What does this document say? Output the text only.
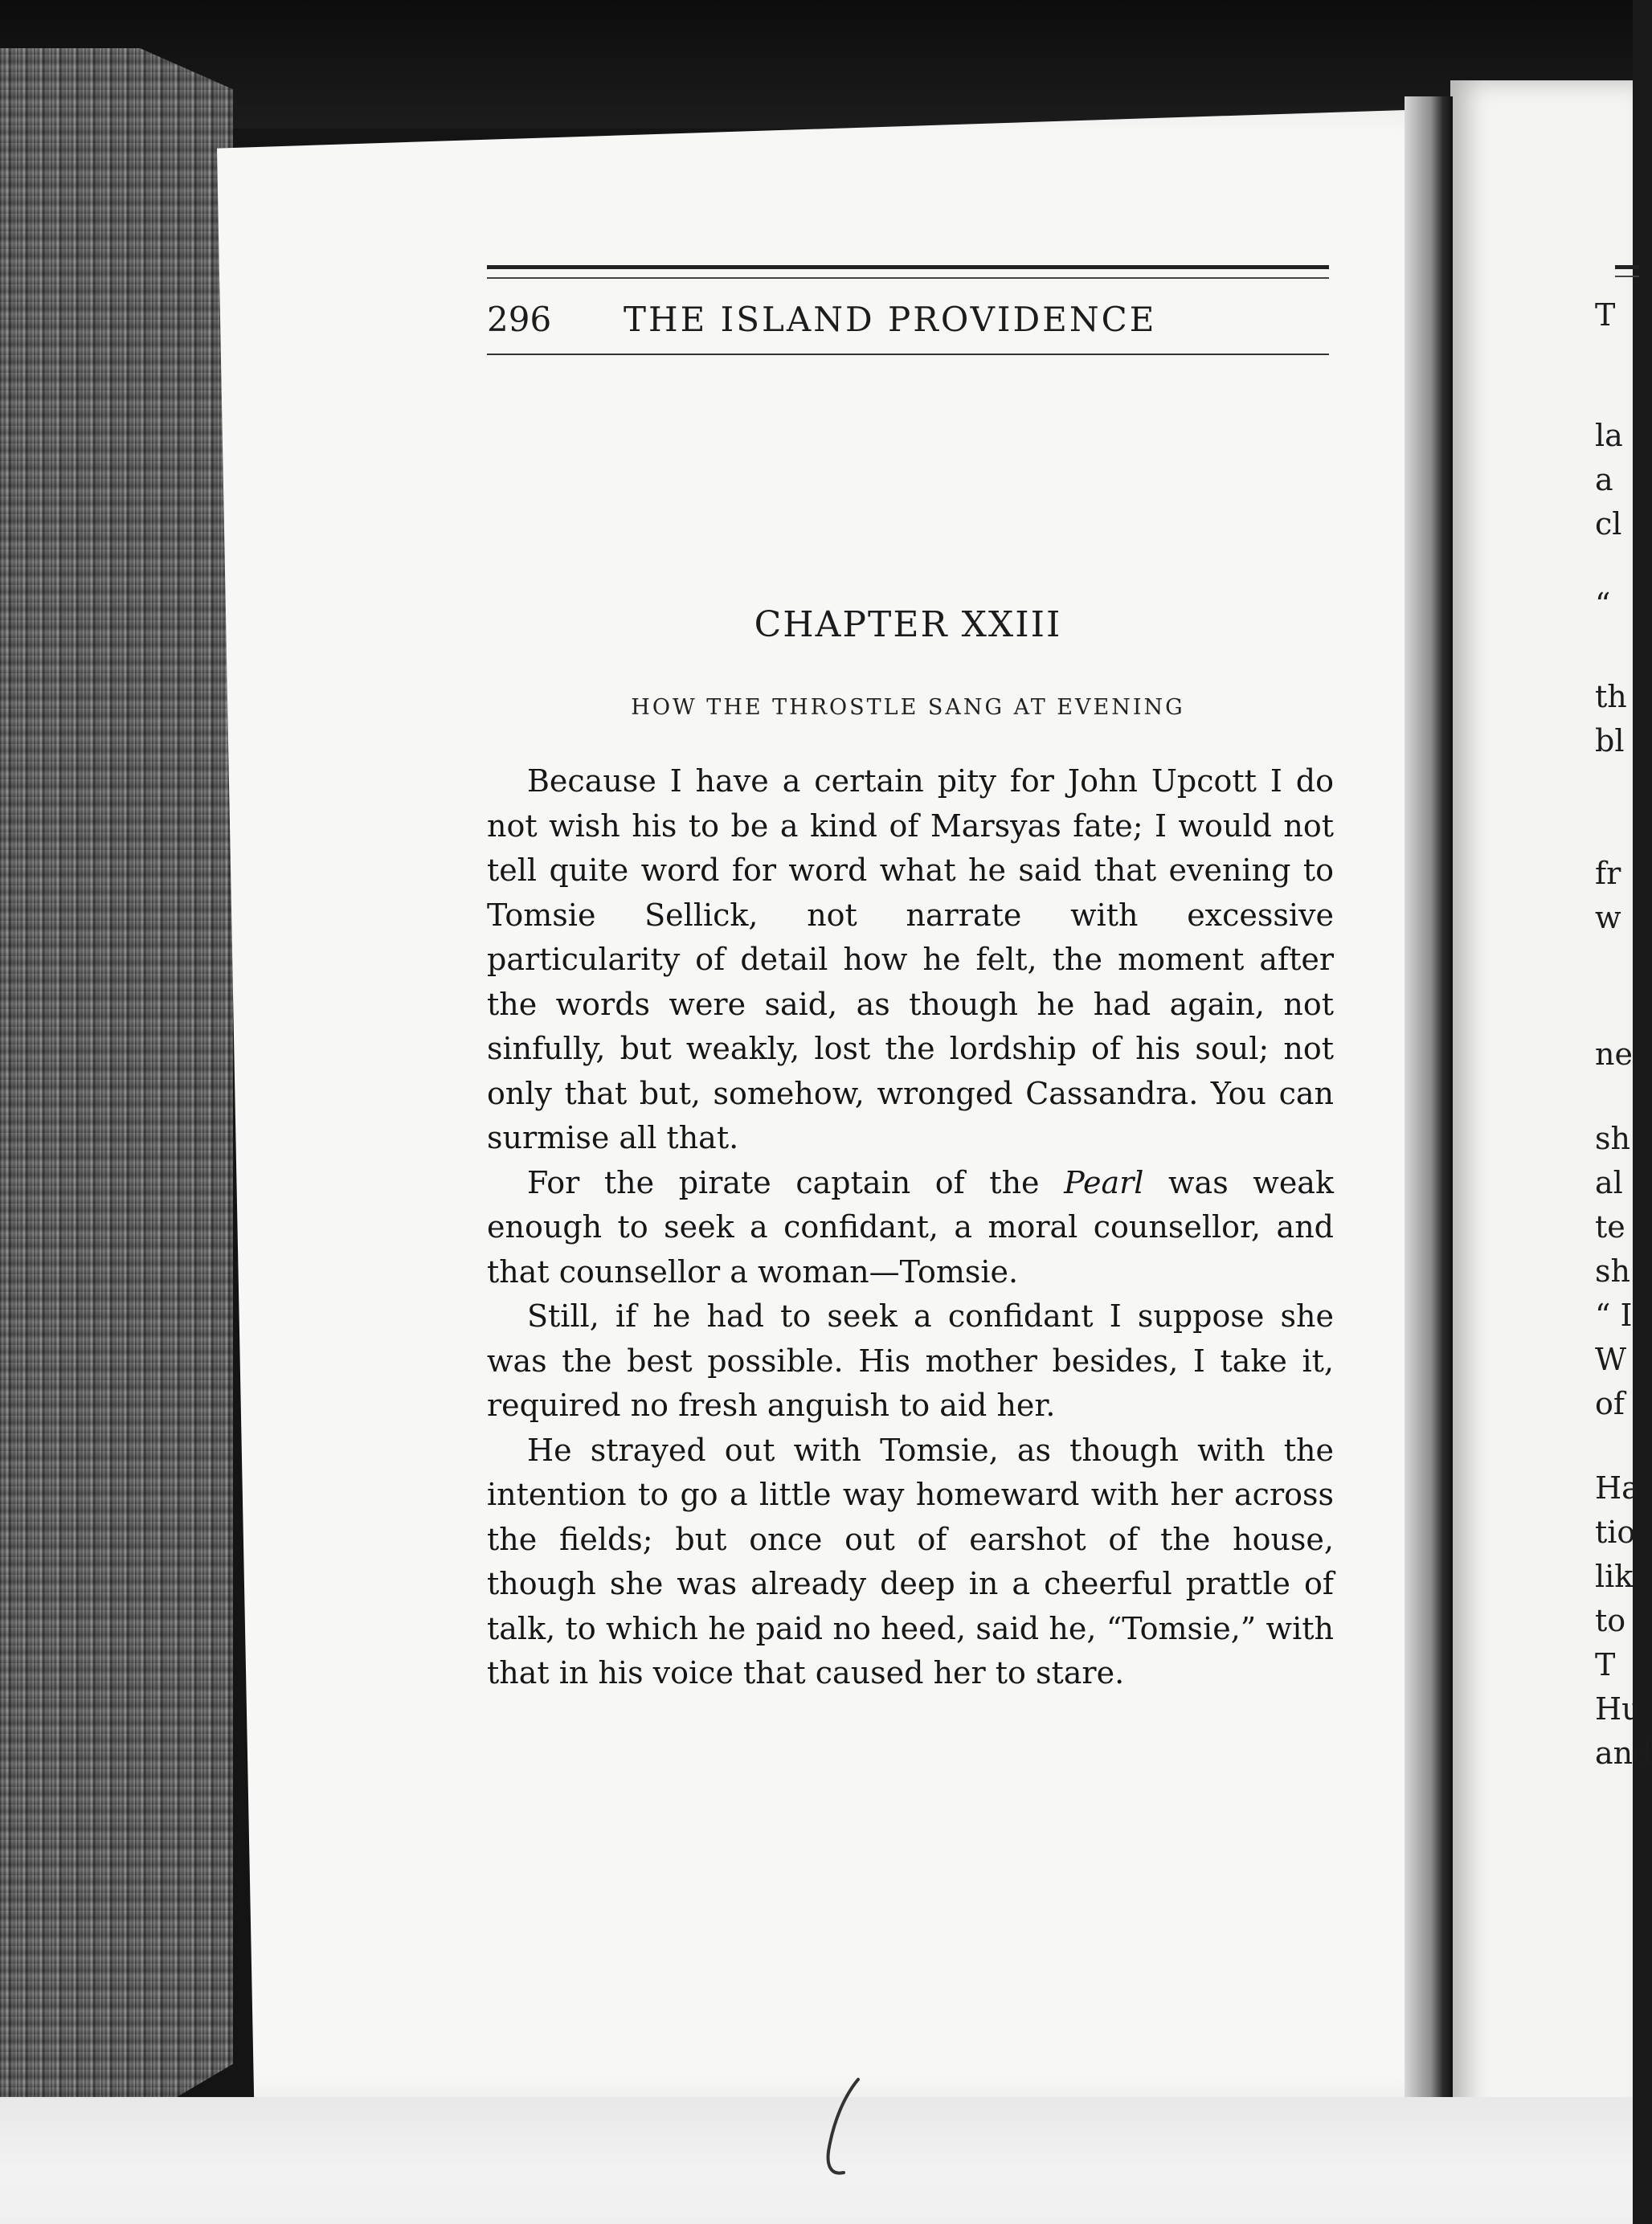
296	THE ISLAND PROVIDENCE
CHAPTER XXIII
HOW THE THROSTLE SANG AT EVENING

Because I have a certain pity for John Upcott I do not wish his to be a kind of Marsyas fate; I would not tell quite word for word what he said that evening to Tomsie Sellick, not narrate with excessive particularity of detail how he felt, the moment after the words were said, as though he had again, not sinfully, but weakly, lost the lordship of his soul; not only that but, somehow, wronged Cassandra. You can surmise all that.

For the pirate captain of the Pearl was weak enough to seek a confidant, a moral counsellor, and that counsellor a woman—Tomsie.

Still, if he had to seek a confidant I suppose she was the best possible. His mother besides, I take it, required no fresh anguish to aid her.

He strayed out with Tomsie, as though with the intention to go a little way homeward with her across the fields; but once out of earshot of the house, though she was already deep in a cheerful prattle of talk, to which he paid no heed, said he, “Tomsie,” with that in his voice that caused her to stare.

T
la
a
cl
“
th
bl
fr
w
ne
sh
al
te
sh
“ I
W
of
Ha
tio
lik
to
T
Hu
and
